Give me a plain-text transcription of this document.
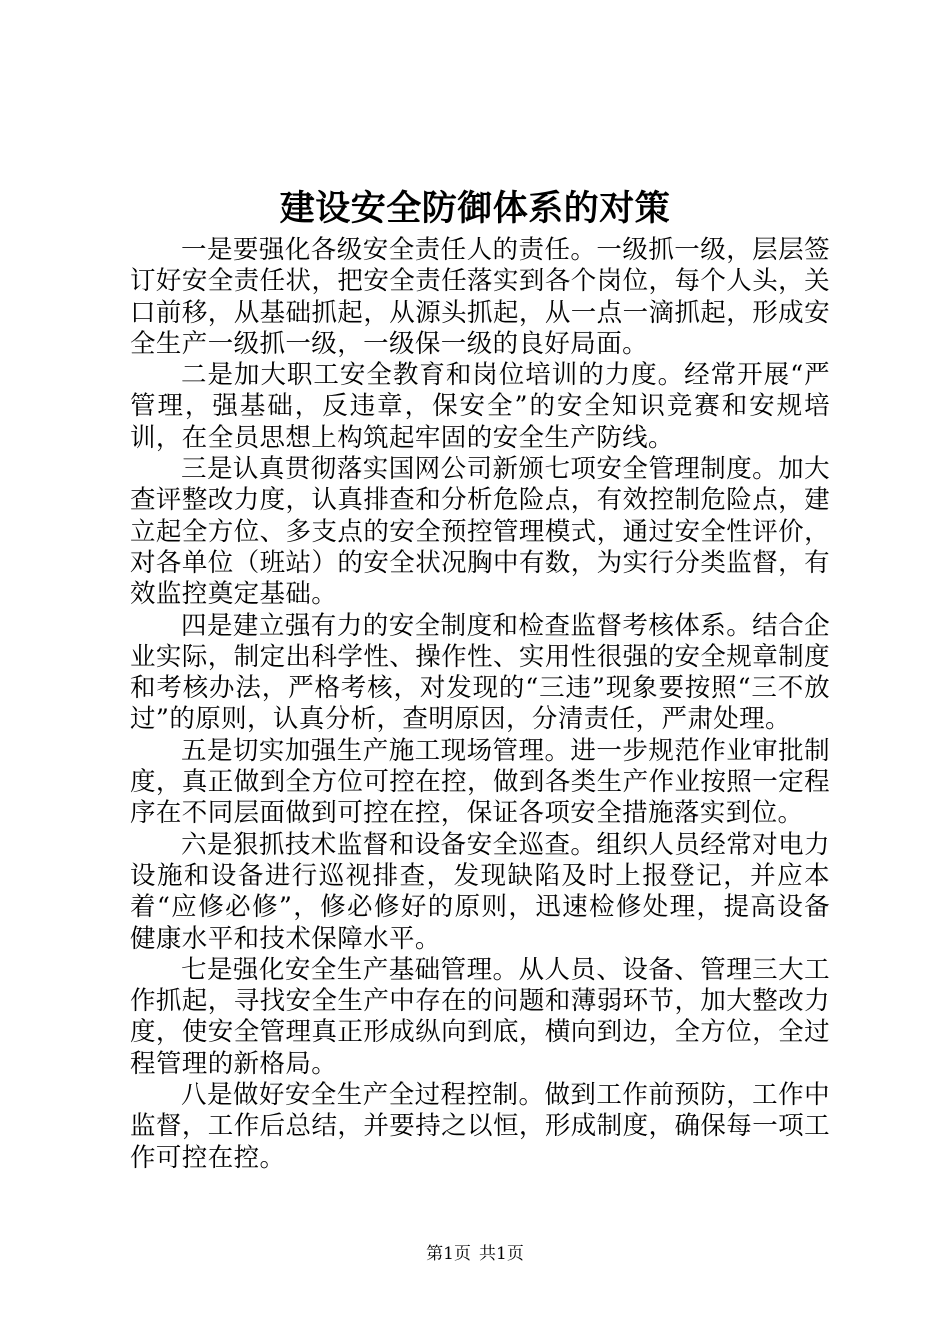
建设安全防御体系的对策

一是要强化各级安全责任人的责任。一级抓一级，层层签订好安全责任状，把安全责任落实到各个岗位，每个人头，关口前移，从基础抓起，从源头抓起，从一点一滴抓起，形成安全生产一级抓一级，一级保一级的良好局面。

二是加大职工安全教育和岗位培训的力度。经常开展“严管理，强基础，反违章，保安全”的安全知识竞赛和安规培训，在全员思想上构筑起牢固的安全生产防线。

三是认真贯彻落实国网公司新颁七项安全管理制度。加大查评整改力度，认真排查和分析危险点，有效控制危险点，建立起全方位、多支点的安全预控管理模式，通过安全性评价，对各单位（班站）的安全状况胸中有数，为实行分类监督，有效监控奠定基础。

四是建立强有力的安全制度和检查监督考核体系。结合企业实际，制定出科学性、操作性、实用性很强的安全规章制度和考核办法，严格考核，对发现的“三违”现象要按照“三不放过”的原则，认真分析，查明原因，分清责任，严肃处理。

五是切实加强生产施工现场管理。进一步规范作业审批制度，真正做到全方位可控在控，做到各类生产作业按照一定程序在不同层面做到可控在控，保证各项安全措施落实到位。

六是狠抓技术监督和设备安全巡查。组织人员经常对电力设施和设备进行巡视排查，发现缺陷及时上报登记，并应本着“应修必修”，修必修好的原则，迅速检修处理，提高设备健康水平和技术保障水平。

七是强化安全生产基础管理。从人员、设备、管理三大工作抓起，寻找安全生产中存在的问题和薄弱环节，加大整改力度，使安全管理真正形成纵向到底，横向到边，全方位，全过程管理的新格局。

八是做好安全生产全过程控制。做到工作前预防，工作中监督，工作后总结，并要持之以恒，形成制度，确保每一项工作可控在控。

第1页 共1页
